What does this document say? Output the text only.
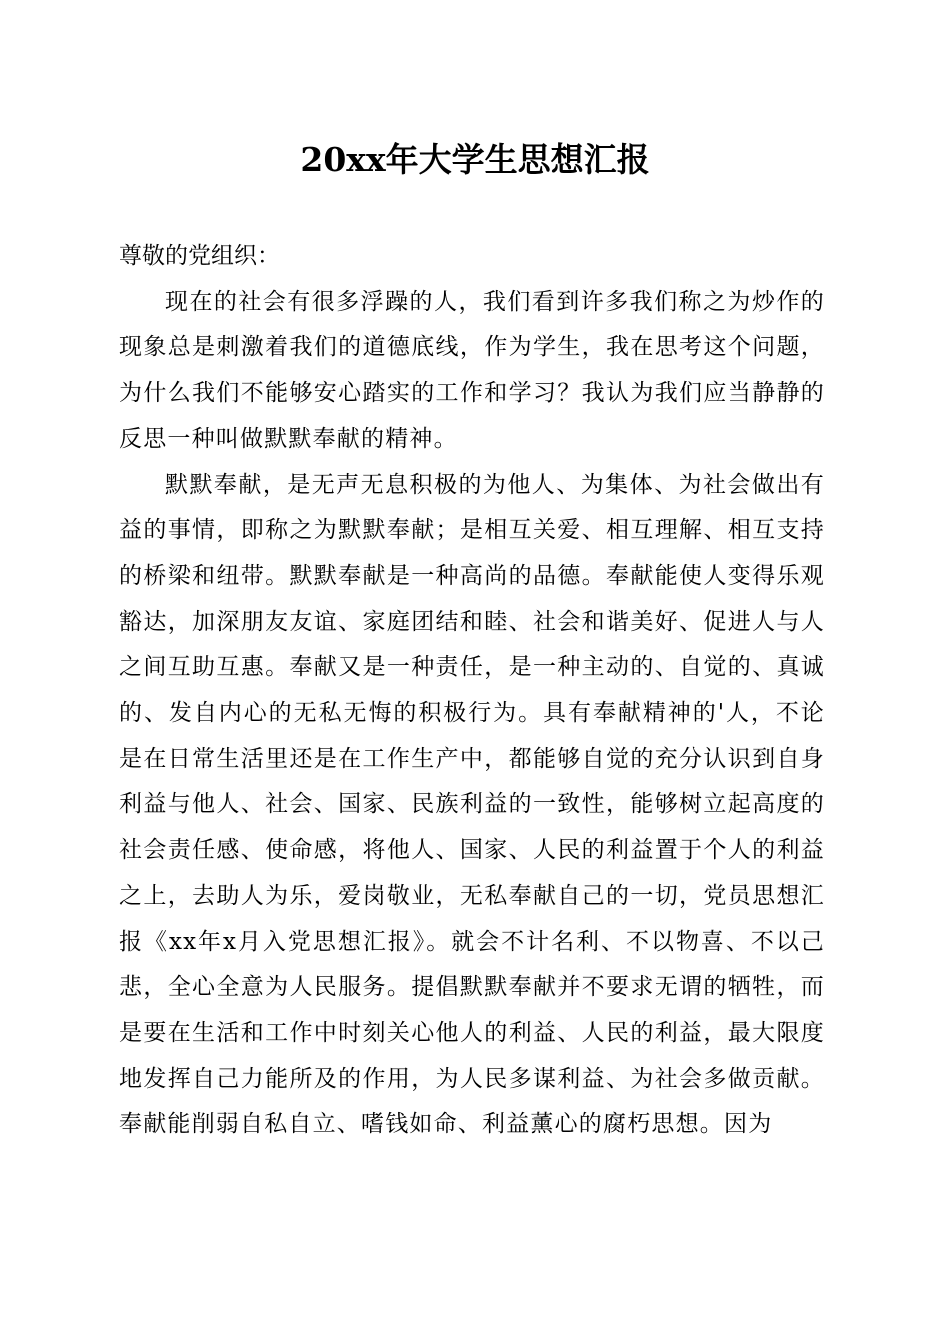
20xx年大学生思想汇报

尊敬的党组织：

现在的社会有很多浮躁的人，我们看到许多我们称之为炒作的现象总是刺激着我们的道德底线，作为学生，我在思考这个问题，为什么我们不能够安心踏实的工作和学习？我认为我们应当静静的反思一种叫做默默奉献的精神。

默默奉献，是无声无息积极的为他人、为集体、为社会做出有益的事情，即称之为默默奉献；是相互关爱、相互理解、相互支持的桥梁和纽带。默默奉献是一种高尚的品德。奉献能使人变得乐观豁达，加深朋友友谊、家庭团结和睦、社会和谐美好、促进人与人之间互助互惠。奉献又是一种责任，是一种主动的、自觉的、真诚的、发自内心的无私无悔的积极行为。具有奉献精神的'人，不论是在日常生活里还是在工作生产中，都能够自觉的充分认识到自身利益与他人、社会、国家、民族利益的一致性，能够树立起高度的社会责任感、使命感，将他人、国家、人民的利益置于个人的利益之上，去助人为乐，爱岗敬业，无私奉献自己的一切，党员思想汇报《xx年x月入党思想汇报》。就会不计名利、不以物喜、不以己悲，全心全意为人民服务。提倡默默奉献并不要求无谓的牺牲，而是要在生活和工作中时刻关心他人的利益、人民的利益，最大限度地发挥自己力能所及的作用，为人民多谋利益、为社会多做贡献。奉献能削弱自私自立、嗜钱如命、利益薰心的腐朽思想。因为
